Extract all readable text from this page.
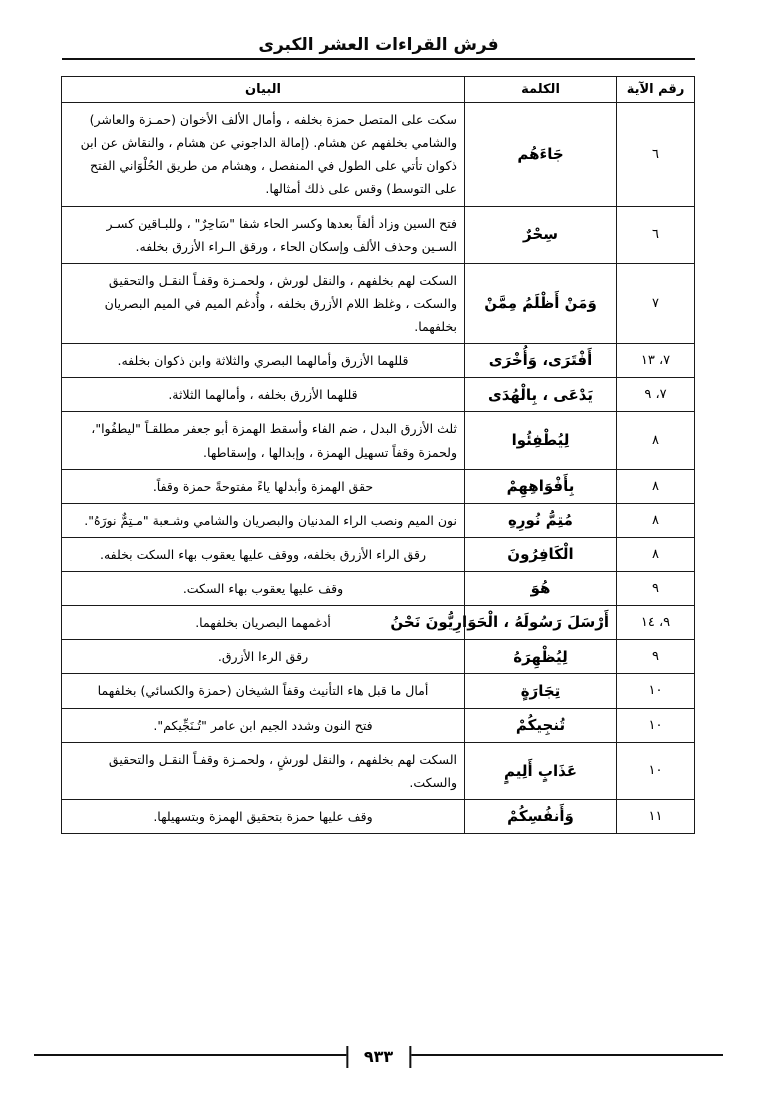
فرش القراءات العشر الكبرى
رقم الآية	الكلمة	البيان
٦	جَاءَهُم	سكت على المتصل حمزة بخلفه ، وأمال الألف الأخوان (حمـزة والعاشر) والشامي بخلفهم عن هشام. (إمالة الداجوني عن هشام ، والنقاش عن ابن ذكوان تأتي على الطول في المنفصل ، وهشام من طريق الحُلْوَاني الفتح على التوسط) وقس على ذلك أمثالها.
٦	سِحْرٌ	فتح السين وزاد ألفاً بعدها وكسر الحاء شفا "سَاحِرٌ" ، وللبـاقين كسـر السـين وحذف الألف وإسكان الحاء ، ورقق الـراء الأزرق بخلفه.
٧	وَمَنْ أَظْلَمُ مِمَّنْ	السكت لهم بخلفهم ، والنقل لورش ، ولحمـزة وقفـاً النقـل والتحقيق والسكت ، وغلظ اللام الأزرق بخلفه ، وأُدغم الميم في الميم البصريان بخلفهما.
٧، ١٣	أَفْتَرَى، وَأُخْرَى	قللهما الأزرق وأمالهما البصري والثلاثة وابن ذكوان بخلفه.
٧، ٩	يَدْعَى ، بِالْهُدَى	قللهما الأزرق بخلفه ، وأمالهما الثلاثة.
٨	لِيُطْفِئُوا	ثلث الأزرق البدل ، ضم الفاء وأسقط الهمزة أبو جعفر مطلقـاً "ليطفُوا"، ولحمزة وقفاً تسهيل الهمزة ، وإبدالها ، وإسقاطها.
٨	بِأَفْوَاهِهِمْ	حقق الهمزة وأبدلها ياءً مفتوحةً حمزة وقفاً.
٨	مُتِمُّ نُورِهِ	نون الميم ونصب الراء المدنيان والبصريان والشامي وشـعبة "مـتِمٌّ نورَهُ".
٨	الْكَافِرُونَ	رقق الراء الأزرق بخلفه، ووقف عليها يعقوب بهاء السكت بخلفه.
٩	هُوَ	وقف عليها يعقوب بهاء السكت.
٩، ١٤	أَرْسَلَ رَسُولَهُ ، الْحَوَارِيُّونَ نَحْنُ	أدغمهما البصريان بخلفهما.
٩	لِيُظْهِرَهُ	رقق الرءا الأزرق.
١٠	تِجَارَةٍ	أمال ما قبل هاء التأنيث وقفاً الشيخان (حمزة والكسائي) بخلفهما
١٠	تُنجِيكُمْ	فتح النون وشدد الجيم ابن عامر "تُـنَجِّيكم".
١٠	عَذَابٍ أَلِيمٍ	السكت لهم بخلفهم ، والنقل لورشٍ ، ولحمـزة وقفـاً النقـل والتحقيق والسكت.
١١	وَأَنفُسِكُمْ	وقف عليها حمزة بتحقيق الهمزة وبتسهيلها.
٩٣٣
